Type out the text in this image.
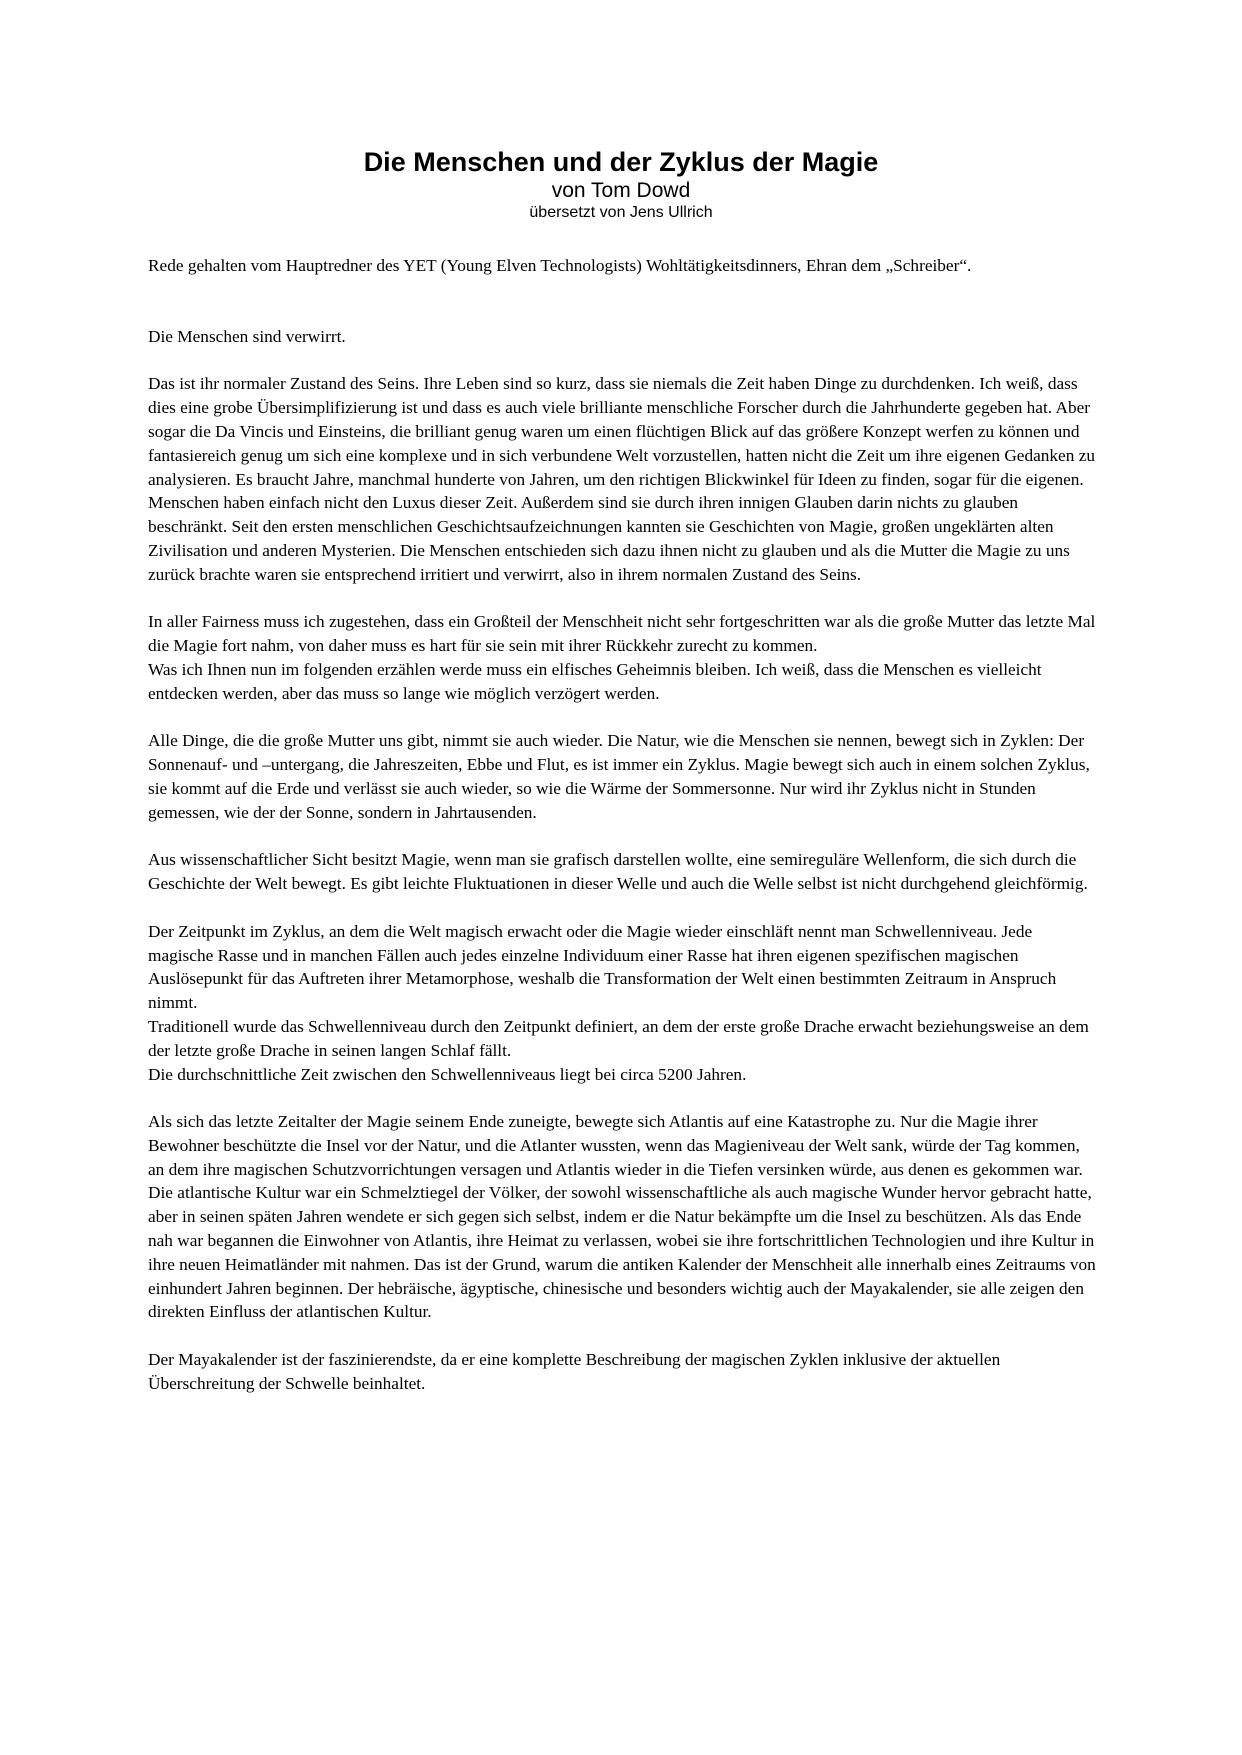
Die Menschen und der Zyklus der Magie
von Tom Dowd
übersetzt von Jens Ullrich

Rede gehalten vom Hauptredner des YET (Young Elven Technologists) Wohltätigkeitsdinners, Ehran dem „Schreiber“.

Die Menschen sind verwirrt.

Das ist ihr normaler Zustand des Seins. Ihre Leben sind so kurz, dass sie niemals die Zeit haben Dinge zu durchdenken. Ich weiß, dass dies eine grobe Übersimplifizierung ist und dass es auch viele brilliante menschliche Forscher durch die Jahrhunderte gegeben hat. Aber sogar die Da Vincis und Einsteins, die brilliant genug waren um einen flüchtigen Blick auf das größere Konzept werfen zu können und fantasiereich genug um sich eine komplexe und in sich verbundene Welt vorzustellen, hatten nicht die Zeit um ihre eigenen Gedanken zu analysieren. Es braucht Jahre, manchmal hunderte von Jahren, um den richtigen Blickwinkel für Ideen zu finden, sogar für die eigenen. Menschen haben einfach nicht den Luxus dieser Zeit. Außerdem sind sie durch ihren innigen Glauben darin nichts zu glauben beschränkt. Seit den ersten menschlichen Geschichtsaufzeichnungen kannten sie Geschichten von Magie, großen ungeklärten alten Zivilisation und anderen Mysterien. Die Menschen entschieden sich dazu ihnen nicht zu glauben und als die Mutter die Magie zu uns zurück brachte waren sie entsprechend irritiert und verwirrt, also in ihrem normalen Zustand des Seins.

In aller Fairness muss ich zugestehen, dass ein Großteil der Menschheit nicht sehr fortgeschritten war als die große Mutter das letzte Mal die Magie fort nahm, von daher muss es hart für sie sein mit ihrer Rückkehr zurecht zu kommen.

Was ich Ihnen nun im folgenden erzählen werde muss ein elfisches Geheimnis bleiben. Ich weiß, dass die Menschen es vielleicht entdecken werden, aber das muss so lange wie möglich verzögert werden.

Alle Dinge, die die große Mutter uns gibt, nimmt sie auch wieder. Die Natur, wie die Menschen sie nennen, bewegt sich in Zyklen: Der Sonnenauf- und –untergang, die Jahreszeiten, Ebbe und Flut, es ist immer ein Zyklus. Magie bewegt sich auch in einem solchen Zyklus, sie kommt auf die Erde und verlässt sie auch wieder, so wie die Wärme der Sommersonne. Nur wird ihr Zyklus nicht in Stunden gemessen, wie der der Sonne, sondern in Jahrtausenden.

Aus wissenschaftlicher Sicht besitzt Magie, wenn man sie grafisch darstellen wollte, eine semireguläre Wellenform, die sich durch die Geschichte der Welt bewegt. Es gibt leichte Fluktuationen in dieser Welle und auch die Welle selbst ist nicht durchgehend gleichförmig.

Der Zeitpunkt im Zyklus, an dem die Welt magisch erwacht oder die Magie wieder einschläft nennt man Schwellenniveau. Jede magische Rasse und in manchen Fällen auch jedes einzelne Individuum einer Rasse hat ihren eigenen spezifischen magischen Auslösepunkt für das Auftreten ihrer Metamorphose, weshalb die Transformation der Welt einen bestimmten Zeitraum in Anspruch nimmt.

Traditionell wurde das Schwellenniveau durch den Zeitpunkt definiert, an dem der erste große Drache erwacht beziehungsweise an dem der letzte große Drache in seinen langen Schlaf fällt.

Die durchschnittliche Zeit zwischen den Schwellenniveaus liegt bei circa 5200 Jahren.

Als sich das letzte Zeitalter der Magie seinem Ende zuneigte, bewegte sich Atlantis auf eine Katastrophe zu. Nur die Magie ihrer Bewohner beschützte die Insel vor der Natur, und die Atlanter wussten, wenn das Magieniveau der Welt sank, würde der Tag kommen, an dem ihre magischen Schutzvorrichtungen versagen und Atlantis wieder in die Tiefen versinken würde, aus denen es gekommen war. Die atlantische Kultur war ein Schmelztiegel der Völker, der sowohl wissenschaftliche als auch magische Wunder hervor gebracht hatte, aber in seinen späten Jahren wendete er sich gegen sich selbst, indem er die Natur bekämpfte um die Insel zu beschützen. Als das Ende nah war begannen die Einwohner von Atlantis, ihre Heimat zu verlassen, wobei sie ihre fortschrittlichen Technologien und ihre Kultur in ihre neuen Heimatländer mit nahmen. Das ist der Grund, warum die antiken Kalender der Menschheit alle innerhalb eines Zeitraums von einhundert Jahren beginnen. Der hebräische, ägyptische, chinesische und besonders wichtig auch der Mayakalender, sie alle zeigen den direkten Einfluss der atlantischen Kultur.

Der Mayakalender ist der faszinierendste, da er eine komplette Beschreibung der magischen Zyklen inklusive der aktuellen Überschreitung der Schwelle beinhaltet.
